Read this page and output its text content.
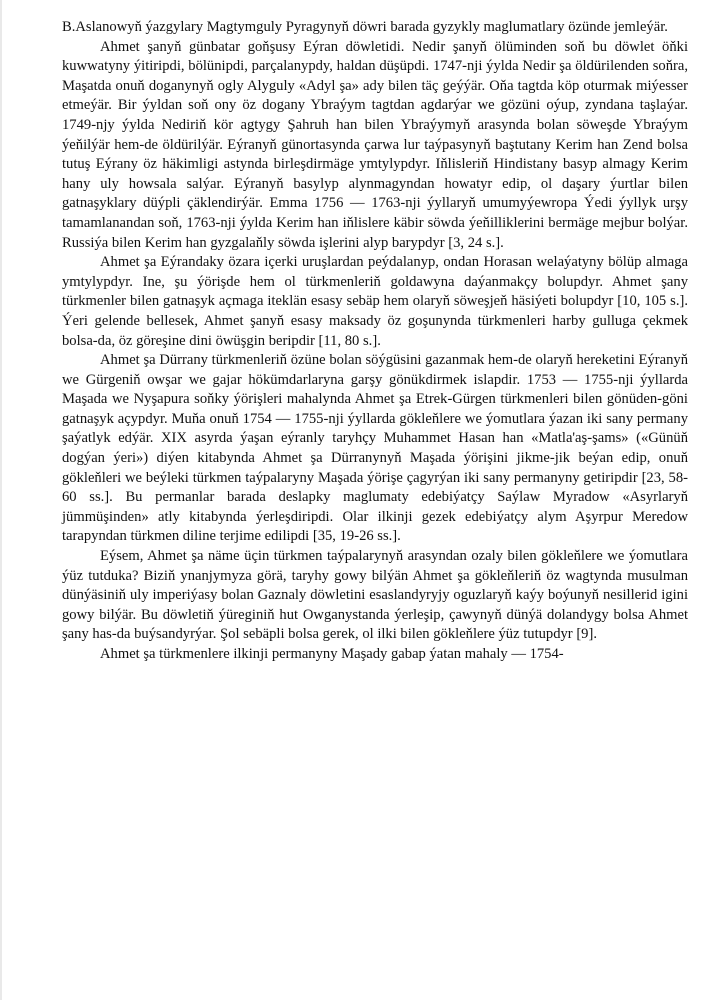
B.Aslanowyň ýazgylary Magtymguly Pyragynyň döwri barada gyzykly maglumatlary özünde jemleýär.

Ahmet şanyň günbatar goňşusy Eýran döwletidi. Nedir şanyň ölüminden soň bu döwlet öňki kuwwatyny ýitiripdi, bölünipdi, parçalanypdy, haldan düşüpdi. 1747-nji ýylda Nedir şa öldürilenden soňra, Maşatda onuň doganynyň ogly Alyguly «Adyl şa» ady bilen täç geýýär. Oňa tagtda köp oturmak miýesser etmeýär. Bir ýyldan soň ony öz dogany Ybraýym tagtdan agdarýar we gözüni oýup, zyndana taşlaýar. 1749-njy ýylda Nediriň kör agtygy Şahruh han bilen Ybraýymyň arasynda bolan söweşde Ybraýym ýeňilýär hem-de öldürilýär. Eýranyň günortasynda çarwa lur taýpasynyň baştutany Kerim han Zend bolsa tutuş Eýrany öz häkimligi astynda birleşdirmäge ymtylypdyr. Iňlisleriň Hindistany basyp almagy Kerim hany uly howsala salýar. Eýranyň basylyp alynmagyndan howatyr edip, ol daşary ýurtlar bilen gatnaşyklary düýpli çäklendirýär. Emma 1756 — 1763-nji ýyllaryň umumyýewropa Ýedi ýyllyk urşy tamamlanandan soň, 1763-nji ýylda Kerim han iňlislere käbir söwda ýeňilliklerini bermäge mejbur bolýar. Russiýa bilen Kerim han gyzgalaňly söwda işlerini alyp barypdyr [3, 24 s.].

Ahmet şa Eýrandaky özara içerki uruşlardan peýdalanyp, ondan Horasan welaýatyny bölüp almaga ymtylypdyr. Ine, şu ýörişde hem ol türkmenleriň goldawyna daýanmakçy bolupdyr. Ahmet şany türkmenler bilen gatnaşyk açmaga iteklän esasy sebäp hem olaryň söweşjeň häsiýeti bolupdyr [10, 105 s.]. Ýeri gelende bellesek, Ahmet şanyň esasy maksady öz goşunynda türkmenleri harby gulluga çekmek bolsa-da, öz göreşine dini öwüşgin beripdir [11, 80 s.].

Ahmet şa Dürrany türkmenleriň özüne bolan söýgüsini gazanmak hem-de olaryň hereketini Eýranyň we Gürgeniň owşar we gajar hökümdarlaryna garşy gönükdirmek islapdir. 1753 — 1755-nji ýyllarda Maşada we Nyşapura soňky ýörişleri mahalynda Ahmet şa Etrek-Gürgen türkmenleri bilen gönüden-göni gatnaşyk açypdyr. Muňa onuň 1754 — 1755-nji ýyllarda gökleňlere we ýomutlara ýazan iki sany permany şaýatlyk edýär. XIX asyrda ýaşan eýranly taryhçy Muhammet Hasan han «Matla'aş-şams» («Günüň dogýan ýeri») diýen kitabynda Ahmet şa Dürranynyň Maşada ýörişini jikme-jik beýan edip, onuň gökleňleri we beýleki türkmen taýpalaryny Maşada ýörişe çagyrýan iki sany permanyny getiripdir [23, 58-60 ss.]. Bu permanlar barada deslapky maglumaty edebiýatçy Saýlaw Myradow «Asyrlaryň jümmüşinden» atly kitabynda ýerleşdiripdi. Olar ilkinji gezek edebiýatçy alym Aşyrpur Meredow tarapyndan türkmen diline terjime edilipdi [35, 19-26 ss.].

Eýsem, Ahmet şa näme üçin türkmen taýpalarynyň arasyndan ozaly bilen gökleňlere we ýomutlara ýüz tutduka? Biziň ynanjymyza görä, taryhy gowy bilýän Ahmet şa gökleňleriň öz wagtynda musulman dünýäsiniň uly imperiýasy bolan Gaznaly döwletini esaslandyryjy oguzlaryň kaýy boýunyň nesillerid igini gowy bilýär. Bu döwletiň ýüreginiň hut Owganystanda ýerleşip, çawynyň dünýä dolandygy bolsa Ahmet şany has-da buýsandyrýar. Şol sebäpli bolsa gerek, ol ilki bilen gökleňlere ýüz tutupdyr [9].

Ahmet şa türkmenlere ilkinji permanyny Maşady gabap ýatan mahaly — 1754-
